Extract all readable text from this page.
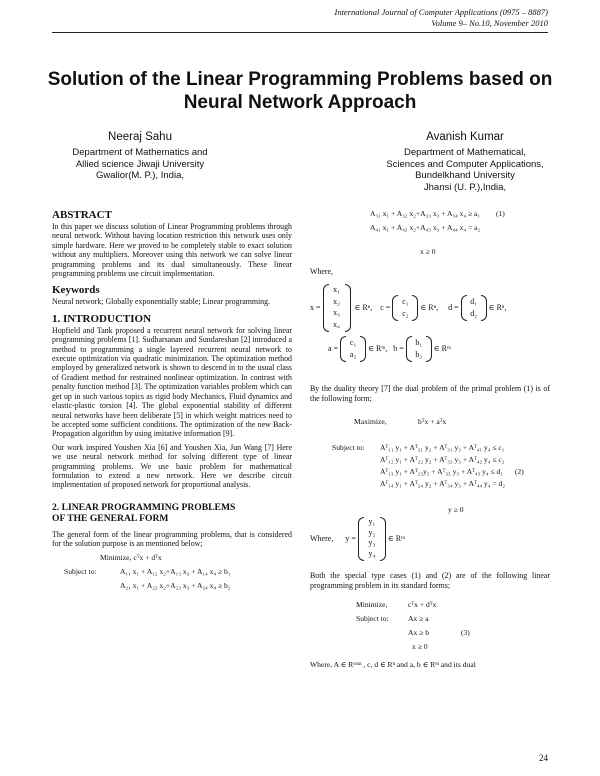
International Journal of Computer Applications (0975 – 8887)
Volume 9– No.10, November 2010
Solution of the Linear Programming Problems based on
Neural Network Approach
Neeraj Sahu
Department of Mathematics and
Allied science Jiwaji University
Gwalior(M. P.), India,
Avanish Kumar
Department of Mathematical,
Sciences and Computer Applications,
Bundelkhand University
Jhansi (U. P.),India,
ABSTRACT
In this paper we discuss solution of Linear Programming problems through neural network. Without having location restriction this network uses only simple hardware. Here we proved to be completely stable to exact solution without any multipliers. Moreover using this network we can solve linear programming problems and its dual simultaneously. These linear programming problems use circuit implementation.
Keywords
Neural network; Globally exponentially stable; Linear programming.
1. INTRODUCTION
Hopfield and Tank proposed a recurrent neural network for solving linear programming problems [1]. Sudharsanan and Sundareshan [2] introduced a method to programming a single layered recurrent neural network to execute optimization via quadratic minimization. The optimization method employed by generalized network is shown to descend in to the usual class of Gradient method for restrained nonlinear optimization. In contrast with penalty function method [3]. The optimization variables problem which can get up in such various topics as rigid body Mechanics, Fluid dynamics and elastic-plastic torsion [4]. The global exponential stability of different neural networks have been deliberate [5] in which weight matrices need to be accepted some sufficient conditions. The optimization of the new Back-Propagation algorithm by using imitative information [9].
Our work inspired Youshen Xia [6] and Youshen Xia, Jun Wang [7] Here we use neural network method for solving different type of linear programming problems. We use basic problem for mathematical formulation to extend a new network. Here we describe circuit implementation of proposed network for proportional analysis.
2. LINEAR PROGRAMMING PROBLEMS
OF THE GENERAL FORM
The general form of the linear programming problems, that is considered for the solution purpose is an mentioned below;
Minimize, cᵀx + dᵀx
Subject to:	A₁₁ x₁ + A₁₂ x₂+A₁₃ x₃ + A₁₄ x₄ ≥ b₁
A₂₁ x₁ + A₂₂ x₂+A₂₃ x₃ + A₂₄ x₄ ≥ b₂
A₃₁ x₁ + A₃₂ x₂+A₃₃ x₃ + A₃₄ x₄ ≥ a₁ (1)
A₄₁ x₁ + A₄₂ x₂+A₄₃ x₃ + A₄₄ x₄ = a₂
x ≥ 0
Where,
x =
x₁
x₂
x₃
x₄
∈ Rⁿ, c =
c₁
c₂
∈ Rⁿ, d =
d₁
d₂
∈ Rⁿ,
a =
c₁
a₂
∈ Rᵐ, b =
b₁
b₂
∈ Rᵐ
By the duality theory [7] the dual problem of the primal problem (1) is of the following form;
Maximize,	bᵀx + aᵀx
Subject to: Aᵀ₁₁ y₁ + Aᵀ₂₁ y₂ + Aᵀ₃₁ y₃ + Aᵀ₄₁ y₄ ≤ c₁
Aᵀ₁₂ y₁ + Aᵀ₂₂ y₂ + Aᵀ₃₂ y₃ + Aᵀ₄₂ y₄ ≤ c₂
Aᵀ₁₃ y₁ + Aᵀ₂₃y₂ + Aᵀ₃₃ y₃ + Aᵀ₄₃ y₄ ≤ d₁ (2)
Aᵀ₁₄ y₁ + Aᵀ₂₄ y₂ + Aᵀ₃₄ y₃ + Aᵀ₄₄ y₄ = d₂
y ≥ 0
Where, y =
y₁
y₂
y₃
y₄
∈ Rᵐ
Both the special type cases (1) and (2) are of the following linear programming problem in its standard forms;
Minimize,	cᵀx + dᵀx
Subject to:	Ax ≥ a
Ax ≥ b	(3)
x ≥ 0
Where, A ∈ Rᵐˣⁿ , c, d ∈ Rⁿ and a, b ∈ Rᵐ and its dual
24
